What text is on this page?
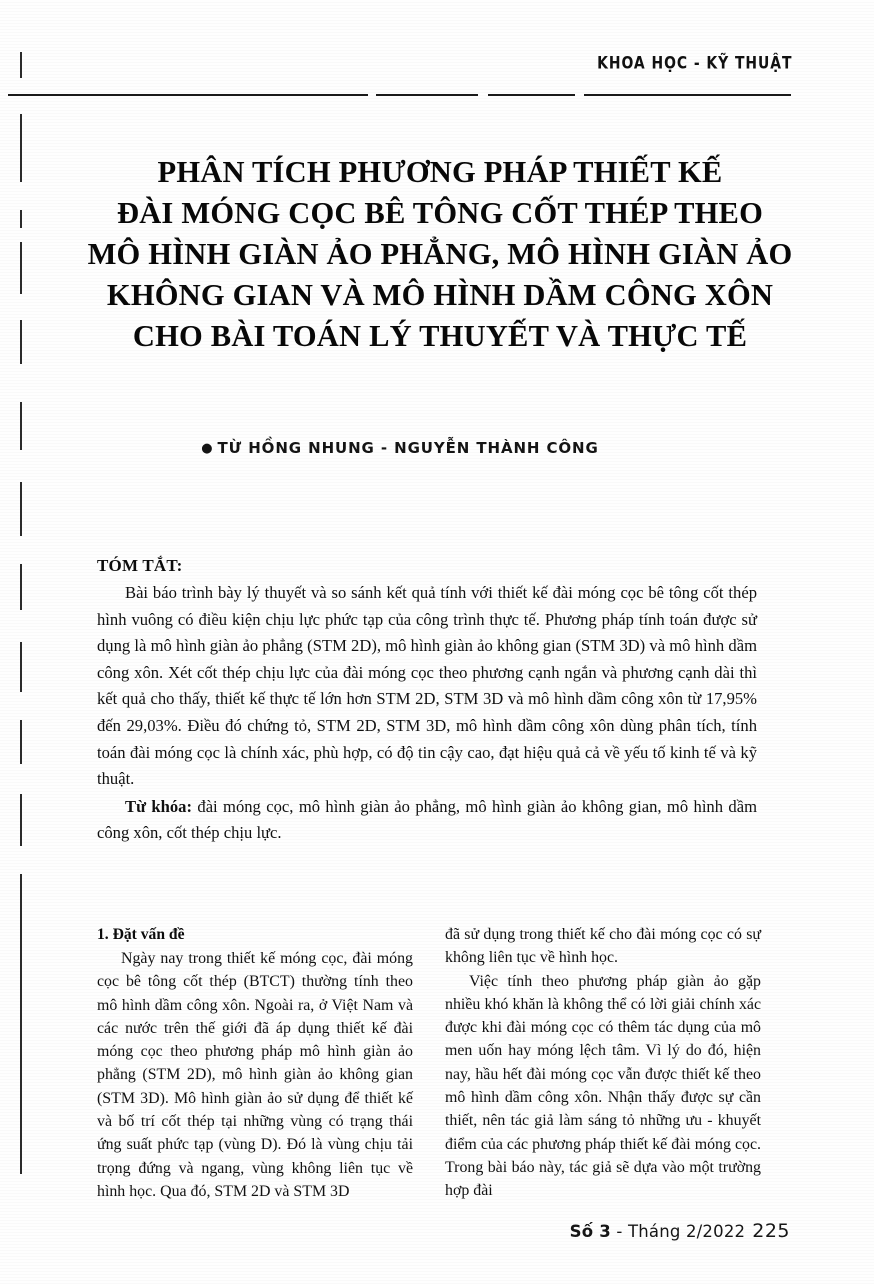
KHOA HỌC - KỸ THUẬT
PHÂN TÍCH PHƯƠNG PHÁP THIẾT KẾ
ĐÀI MÓNG CỌC BÊ TÔNG CỐT THÉP THEO
MÔ HÌNH GIÀN ẢO PHẲNG, MÔ HÌNH GIÀN ẢO
KHÔNG GIAN VÀ MÔ HÌNH DẦM CÔNG XÔN
CHO BÀI TOÁN LÝ THUYẾT VÀ THỰC TẾ
● TỪ HỒNG NHUNG - NGUYỄN THÀNH CÔNG
TÓM TẮT:
Bài báo trình bày lý thuyết và so sánh kết quả tính với thiết kế đài móng cọc bê tông cốt thép hình vuông có điều kiện chịu lực phức tạp của công trình thực tế. Phương pháp tính toán được sử dụng là mô hình giàn ảo phẳng (STM 2D), mô hình giàn ảo không gian (STM 3D) và mô hình dầm công xôn. Xét cốt thép chịu lực của đài móng cọc theo phương cạnh ngắn và phương cạnh dài thì kết quả cho thấy, thiết kế thực tế lớn hơn STM 2D, STM 3D và mô hình dầm công xôn từ 17,95% đến 29,03%. Điều đó chứng tỏ, STM 2D, STM 3D, mô hình dầm công xôn dùng phân tích, tính toán đài móng cọc là chính xác, phù hợp, có độ tin cậy cao, đạt hiệu quả cả về yếu tố kinh tế và kỹ thuật.
Từ khóa: đài móng cọc, mô hình giàn ảo phẳng, mô hình giàn ảo không gian, mô hình dầm công xôn, cốt thép chịu lực.
1. Đặt vấn đề

Ngày nay trong thiết kế móng cọc, đài móng cọc bê tông cốt thép (BTCT) thường tính theo mô hình dầm công xôn. Ngoài ra, ở Việt Nam và các nước trên thế giới đã áp dụng thiết kế đài móng cọc theo phương pháp mô hình giàn ảo phẳng (STM 2D), mô hình giàn ảo không gian (STM 3D). Mô hình giàn ảo sử dụng để thiết kế và bố trí cốt thép tại những vùng có trạng thái ứng suất phức tạp (vùng D). Đó là vùng chịu tải trọng đứng và ngang, vùng không liên tục về hình học. Qua đó, STM 2D và STM 3D

đã sử dụng trong thiết kế cho đài móng cọc có sự không liên tục về hình học.

Việc tính theo phương pháp giàn ảo gặp nhiều khó khăn là không thể có lời giải chính xác được khi đài móng cọc có thêm tác dụng của mô men uốn hay móng lệch tâm. Vì lý do đó, hiện nay, hầu hết đài móng cọc vẫn được thiết kế theo mô hình dầm công xôn. Nhận thấy được sự cần thiết, nên tác giả làm sáng tỏ những ưu - khuyết điểm của các phương pháp thiết kế đài móng cọc. Trong bài báo này, tác giả sẽ dựa vào một trường hợp đài

Số 3 - Tháng 2/2022 225
